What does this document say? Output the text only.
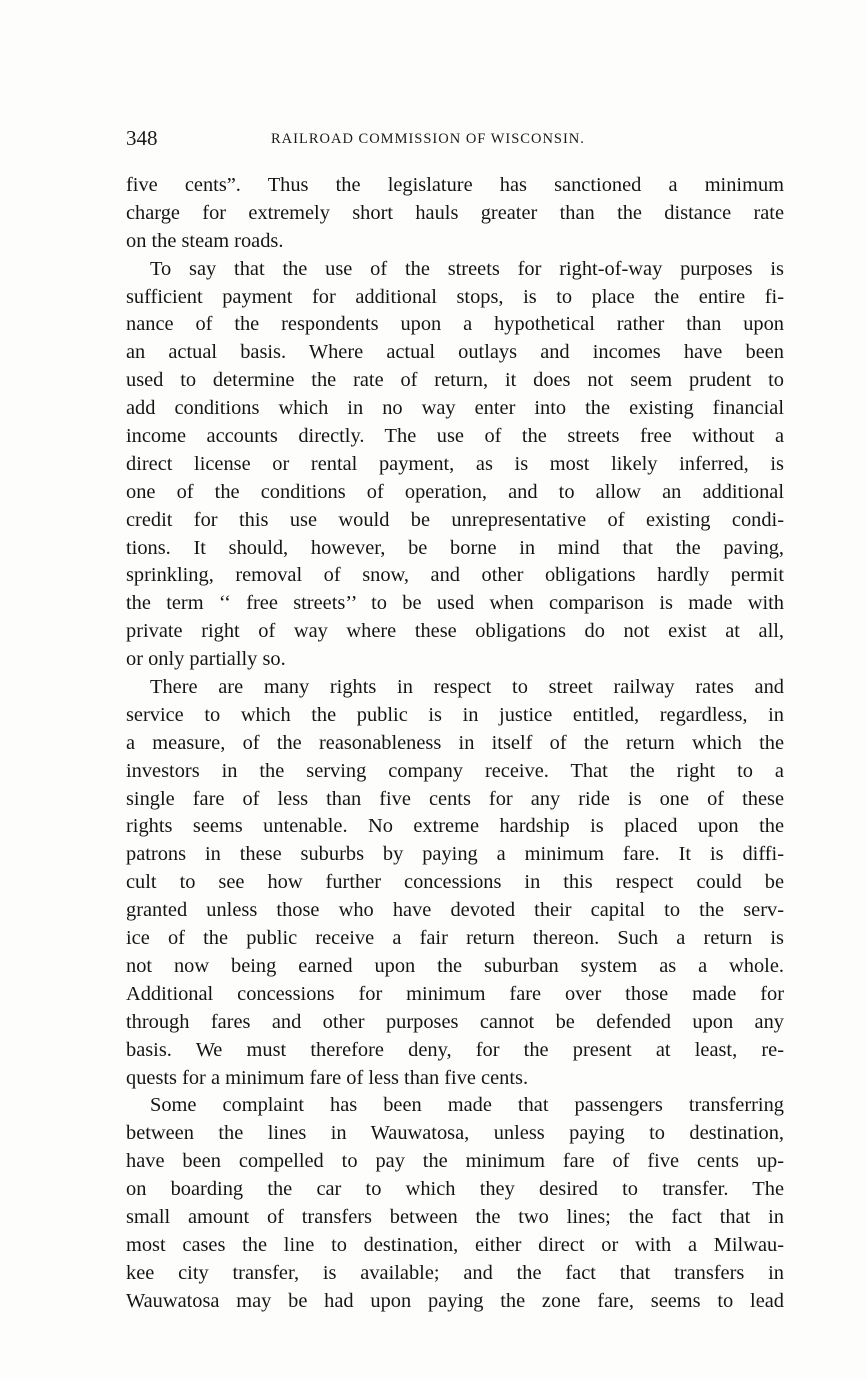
348	RAILROAD COMMISSION OF WISCONSIN.
five cents”. Thus the legislature has sanctioned a minimum
charge for extremely short hauls greater than the distance rate
on the steam roads.
To say that the use of the streets for right-of-way purposes is
sufficient payment for additional stops, is to place the entire fi-
nance of the respondents upon a hypothetical rather than upon
an actual basis. Where actual outlays and incomes have been
used to determine the rate of return, it does not seem prudent to
add conditions which in no way enter into the existing financial
income accounts directly. The use of the streets free without a
direct license or rental payment, as is most likely inferred, is
one of the conditions of operation, and to allow an additional
credit for this use would be unrepresentative of existing condi-
tions. It should, however, be borne in mind that the paving,
sprinkling, removal of snow, and other obligations hardly permit
the term ‘‘ free streets’’ to be used when comparison is made with
private right of way where these obligations do not exist at all,
or only partially so.
There are many rights in respect to street railway rates and
service to which the public is in justice entitled, regardless, in
a measure, of the reasonableness in itself of the return which the
investors in the serving company receive. That the right to a
single fare of less than five cents for any ride is one of these
rights seems untenable. No extreme hardship is placed upon the
patrons in these suburbs by paying a minimum fare. It is diffi-
cult to see how further concessions in this respect could be
granted unless those who have devoted their capital to the serv-
ice of the public receive a fair return thereon. Such a return is
not now being earned upon the suburban system as a whole.
Additional concessions for minimum fare over those made for
through fares and other purposes cannot be defended upon any
basis. We must therefore deny, for the present at least, re-
quests for a minimum fare of less than five cents.
Some complaint has been made that passengers transferring
between the lines in Wauwatosa, unless paying to destination,
have been compelled to pay the minimum fare of five cents up-
on boarding the car to which they desired to transfer. The
small amount of transfers between the two lines; the fact that in
most cases the line to destination, either direct or with a Milwau-
kee city transfer, is available; and the fact that transfers in
Wauwatosa may be had upon paying the zone fare, seems to lead
